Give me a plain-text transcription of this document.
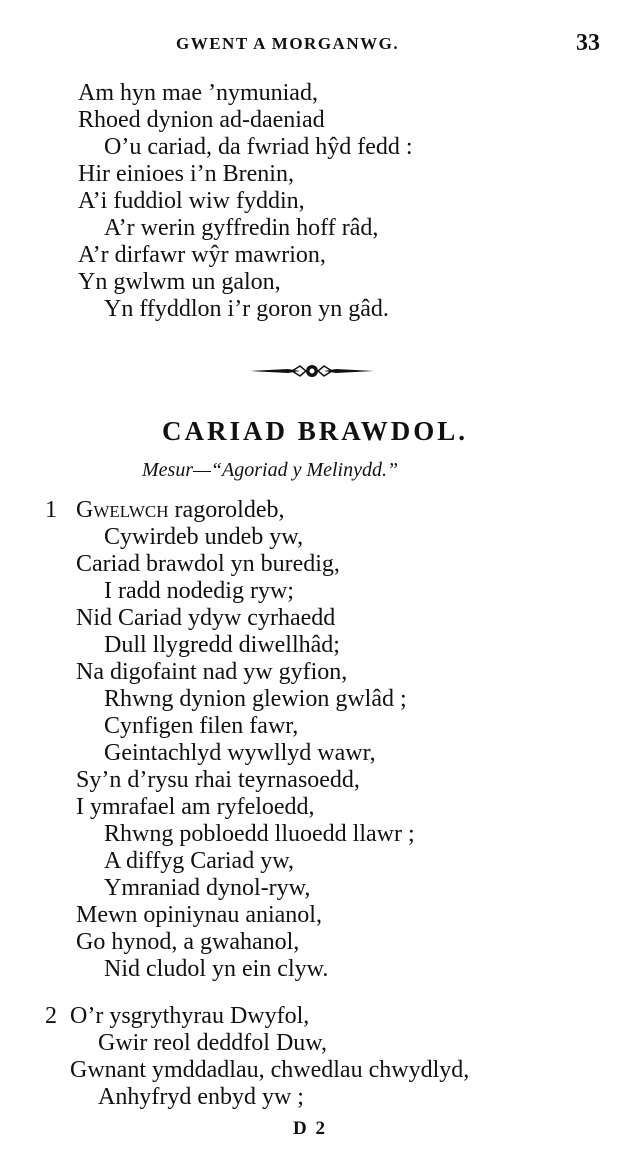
GWENT A MORGANWG.	33
Am hyn mae ’nymuniad,
Rhoed dynion ad-daeniad
O’u cariad, da fwriad hŷd fedd :
Hir einioes i’n Brenin,
A’i fuddiol wiw fyddin,
A’r werin gyffredin hoff râd,
A’r dirfawr wŷr mawrion,
Yn gwlwm un galon,
Yn ffyddlon i’r goron yn gâd.
CARIAD BRAWDOL.
Mesur—“Agoriad y Melinydd.”
1 Gwelwch ragoroldeb,
Cywirdeb undeb yw,
Cariad brawdol yn buredig,
I radd nodedig ryw;
Nid Cariad ydyw cyrhaedd
Dull llygredd diwellhâd;
Na digofaint nad yw gyfion,
Rhwng dynion glewion gwlâd ;
Cynfigen filen fawr,
Geintachlyd wywllyd wawr,
Sy’n d’rysu rhai teyrnasoedd,
I ymrafael am ryfeloedd,
Rhwng pobloedd lluoedd llawr ;
A diffyg Cariad yw,
Ymraniad dynol-ryw,
Mewn opiniynau anianol,
Go hynod, a gwahanol,
Nid cludol yn ein clyw.
2 O’r ysgrythyrau Dwyfol,
Gwir reol deddfol Duw,
Gwnant ymddadlau, chwedlau chwydlyd,
Anhyfryd enbyd yw ;
D 2
